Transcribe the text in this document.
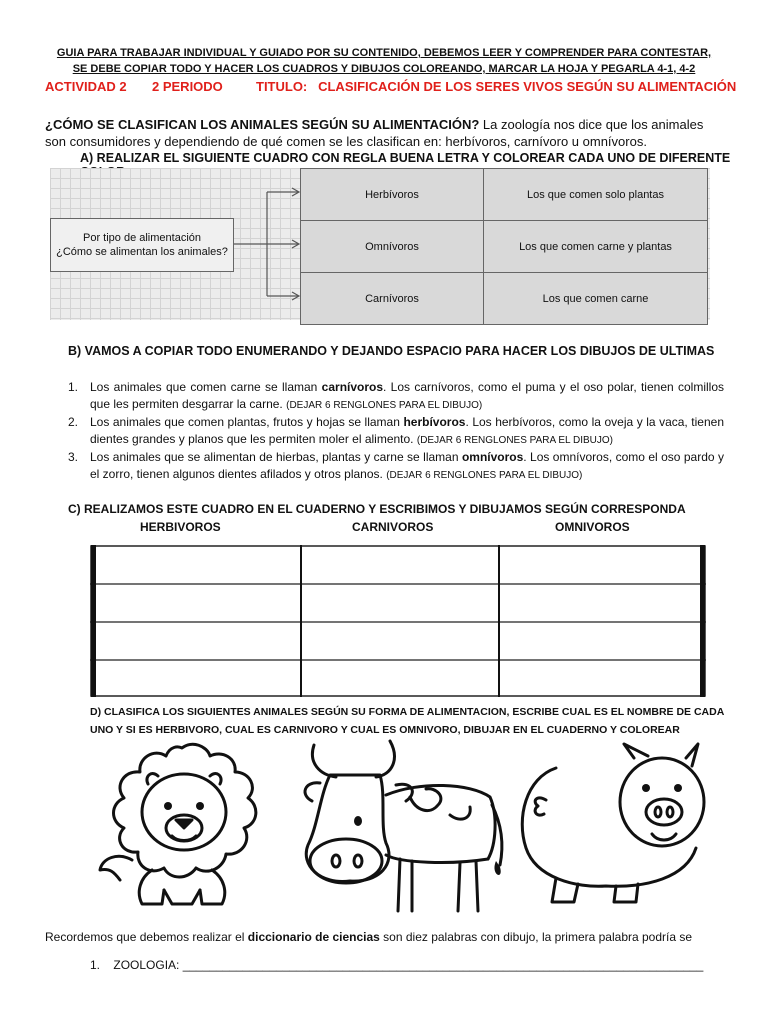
GUIA PARA TRABAJAR INDIVIDUAL Y GUIADO POR SU CONTENIDO, DEBEMOS LEER Y COMPRENDER PARA CONTESTAR,
SE DEBE COPIAR TODO Y HACER LOS CUADROS Y DIBUJOS COLOREANDO, MARCAR LA HOJA Y PEGARLA 4-1, 4-2
ACTIVIDAD 2 2 PERIODO	TITULO:   CLASIFICACIÓN DE LOS SERES VIVOS SEGÚN SU ALIMENTACIÓN
¿CÓMO SE CLASIFICAN LOS ANIMALES SEGÚN SU ALIMENTACIÓN? La zoología nos dice que los animales son consumidores y dependiendo de qué comen se les clasifican en: herbívoros, carnívoro u omnívoros.
A) REALIZAR EL SIGUIENTE CUADRO CON REGLA BUENA LETRA Y COLOREAR CADA UNO DE DIFERENTE
Por tipo de alimentación
¿Cómo se alimentan los animales?
Herbívoros	Los que comen solo plantas
Omnívoros	Los que comen carne y plantas
Carnívoros	Los que comen carne
B) VAMOS A COPIAR TODO ENUMERANDO Y DEJANDO ESPACIO PARA HACER LOS DIBUJOS DE ULTIMAS
1. Los animales que comen carne se llaman carnívoros. Los carnívoros, como el puma y el oso polar, tienen colmillos que les permiten desgarrar la carne. (DEJAR 6 RENGLONES PARA EL DIBUJO)
2. Los animales que comen plantas, frutos y hojas se llaman herbívoros. Los herbívoros, como la oveja y la vaca, tienen dientes grandes y planos que les permiten moler el alimento. (DEJAR 6 RENGLONES PARA EL DIBUJO)
3. Los animales que se alimentan de hierbas, plantas y carne se llaman omnívoros. Los omnívoros, como el oso pardo y el zorro, tienen algunos dientes afilados y otros planos. (DEJAR 6 RENGLONES PARA EL DIBUJO)
C) REALIZAMOS ESTE CUADRO EN EL CUADERNO Y ESCRIBIMOS Y DIBUJAMOS SEGÚN CORRESPONDA
HERBIVOROS	CARNIVOROS	OMNIVOROS
D) CLASIFICA LOS SIGUIENTES ANIMALES SEGÚN SU FORMA DE ALIMENTACION, ESCRIBE CUAL ES EL NOMBRE DE CADA UNO Y SI ES HERBIVORO, CUAL ES CARNIVORO Y CUAL ES OMNIVORO, DIBUJAR EN EL CUADERNO Y COLOREAR
Recordemos que debemos realizar el diccionario de ciencias son diez palabras con dibujo, la primera palabra podría se
1. ZOOLOGIA: ______________________________________________________________________________
